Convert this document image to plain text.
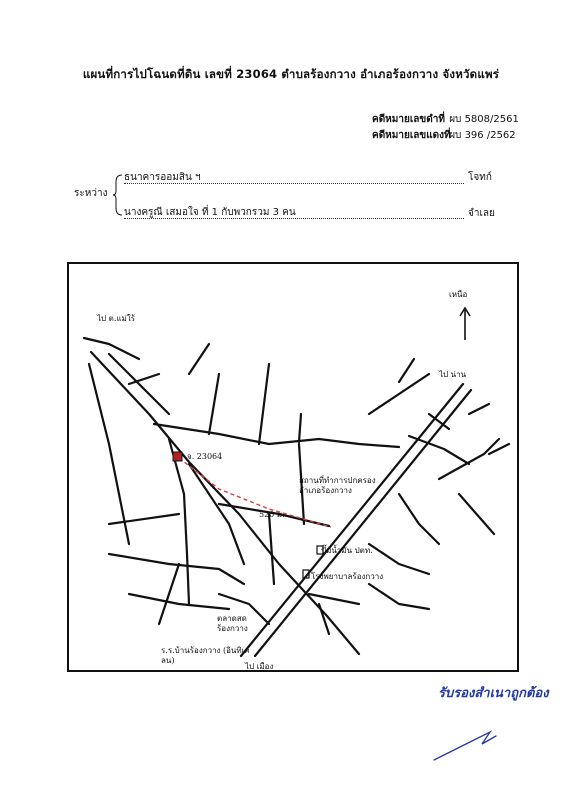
แผนที่การไปโฉนดที่ดิน เลขที่ 23064 ตำบลร้องกวาง อำเภอร้องกวาง จังหวัดแพร่
คดีหมายเลขดำที่ ผบ 5808/2561
คดีหมายเลขแดงที่ ผบ 396 /2562
ระหว่าง
ธนาคารออมสิน ฯ	โจทก์
นางครูณี เสมอใจ ที่ 1 กับพวกรวม 3 คน	จำเลย
เหนือ
ไป ต.แม่ใร้
ไป น่าน
จ. 23064
520 ม.
สถานที่ทำการปกครอง อำเภอร้องกวาง
ปั๊มน้ำมัน ปตท.
โรงพยาบาลร้องกวาง
ตลาดสด ร้องกวาง
ร.ร.บ้านร้องกวาง (อินทิเคลน)
ไป เมือง
รับรองสำเนาถูกต้อง
